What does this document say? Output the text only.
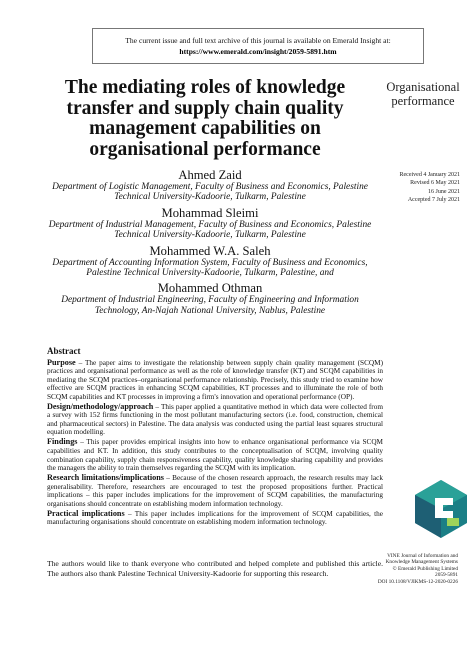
The current issue and full text archive of this journal is available on Emerald Insight at:
https://www.emerald.com/insight/2059-5891.htm
The mediating roles of knowledge transfer and supply chain quality management capabilities on organisational performance
Organisational performance
Received 4 January 2021
Revised 6 May 2021
16 June 2021
Accepted 7 July 2021
Ahmed Zaid
Department of Logistic Management, Faculty of Business and Economics, Palestine Technical University-Kadoorie, Tulkarm, Palestine
Mohammad Sleimi
Department of Industrial Management, Faculty of Business and Economics, Palestine Technical University-Kadoorie, Tulkarm, Palestine
Mohammed W.A. Saleh
Department of Accounting Information System, Faculty of Business and Economics, Palestine Technical University-Kadoorie, Tulkarm, Palestine, and
Mohammed Othman
Department of Industrial Engineering, Faculty of Engineering and Information Technology, An-Najah National University, Nablus, Palestine
Abstract

Purpose – The paper aims to investigate the relationship between supply chain quality management (SCQM) practices and organisational performance as well as the role of knowledge transfer (KT) and SCQM capabilities in mediating the SCQM practices–organisational performance relationship. Precisely, this study tried to examine how effective are SCQM practices in enhancing SCQM capabilities, KT processes and to illuminate the role of both SCQM capabilities and KT processes in improving a firm's innovation and operational performance (OP).

Design/methodology/approach – This paper applied a quantitative method in which data were collected from a survey with 152 firms functioning in the most pollutant manufacturing sectors (i.e. food, construction, chemical and pharmaceutical sectors) in Palestine. The data analysis was conducted using the partial least squares structural equation modelling.

Findings – This paper provides empirical insights into how to enhance organisational performance via SCQM capabilities and KT. In addition, this study contributes to the conceptualisation of SCQM, involving quality combination capability, supply chain responsiveness capability, quality knowledge sharing capability and provides the managers the ability to train themselves regarding the SCQM with its implication.

Research limitations/implications – Because of the chosen research approach, the research results may lack generalisability. Therefore, researchers are encouraged to test the proposed propositions further. Practical implications – this paper includes implications for the improvement of SCQM capabilities, the manufacturing organisations should concentrate on establishing modern information technology.

Practical implications – This paper includes implications for the improvement of SCQM capabilities, the manufacturing organisations should concentrate on establishing modern information technology.

The authors would like to thank everyone who contributed and helped complete and published this article. The authors also thank Palestine Technical University-Kadoorie for supporting this research.
VINE Journal of Information and
Knowledge Management Systems
© Emerald Publishing Limited
2059-5891
DOI 10.1108/VJIKMS-12-2020-0226
